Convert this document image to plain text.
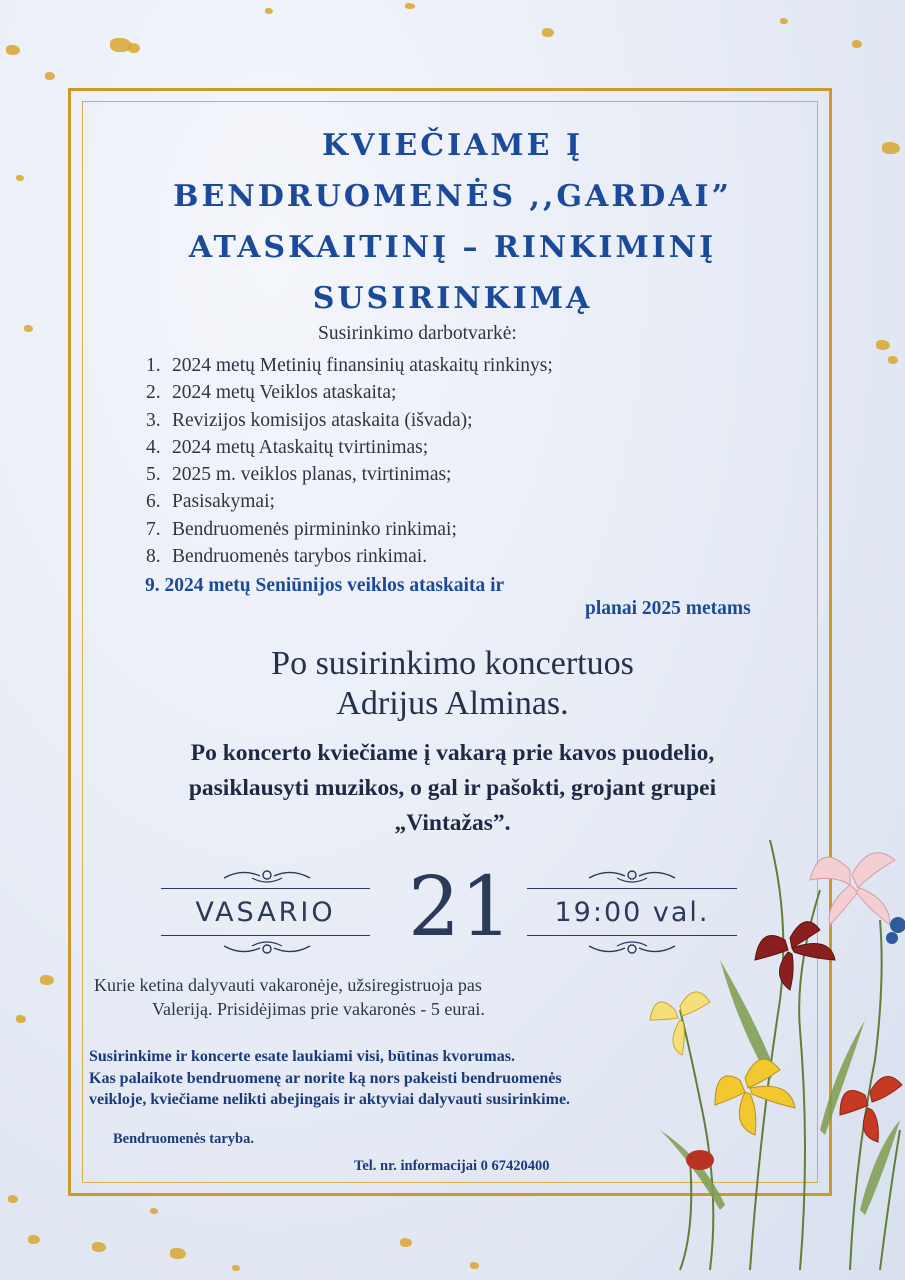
KVIEČIAME Į
BENDRUOMENĖS ,,GARDAI”
ATASKAITINĮ – RINKIMINĮ
SUSIRINKIMĄ
Susirinkimo darbotvarkė:
1. 2024 metų Metinių finansinių ataskaitų rinkinys;
2. 2024 metų Veiklos ataskaita;
3. Revizijos komisijos ataskaita (išvada);
4. 2024 metų Ataskaitų tvirtinimas;
5. 2025 m. veiklos planas, tvirtinimas;
6. Pasisakymai;
7. Bendruomenės pirmininko rinkimai;
8. Bendruomenės tarybos rinkimai.
9. 2024 metų Seniūnijos veiklos ataskaita ir
planai 2025 metams
Po susirinkimo koncertuos
Adrijus Alminas.
Po koncerto kviečiame į vakarą prie kavos puodelio,
pasiklausyti muzikos, o gal ir pašokti, grojant grupei
„Vintažas”.
VASARIO 21	19:00 val.
Kurie ketina dalyvauti vakaronėje, užsiregistruoja pas
Valeriją. Prisidėjimas prie vakaronės - 5 eurai.
Susirinkime ir koncerte esate laukiami visi, būtinas kvorumas.
Kas palaikote bendruomenę ar norite ką nors pakeisti bendruomenės
veikloje, kviečiame nelikti abejingais ir aktyviai dalyvauti susirinkime.
Bendruomenės taryba.
Tel. nr. informacijai 0 67420400
